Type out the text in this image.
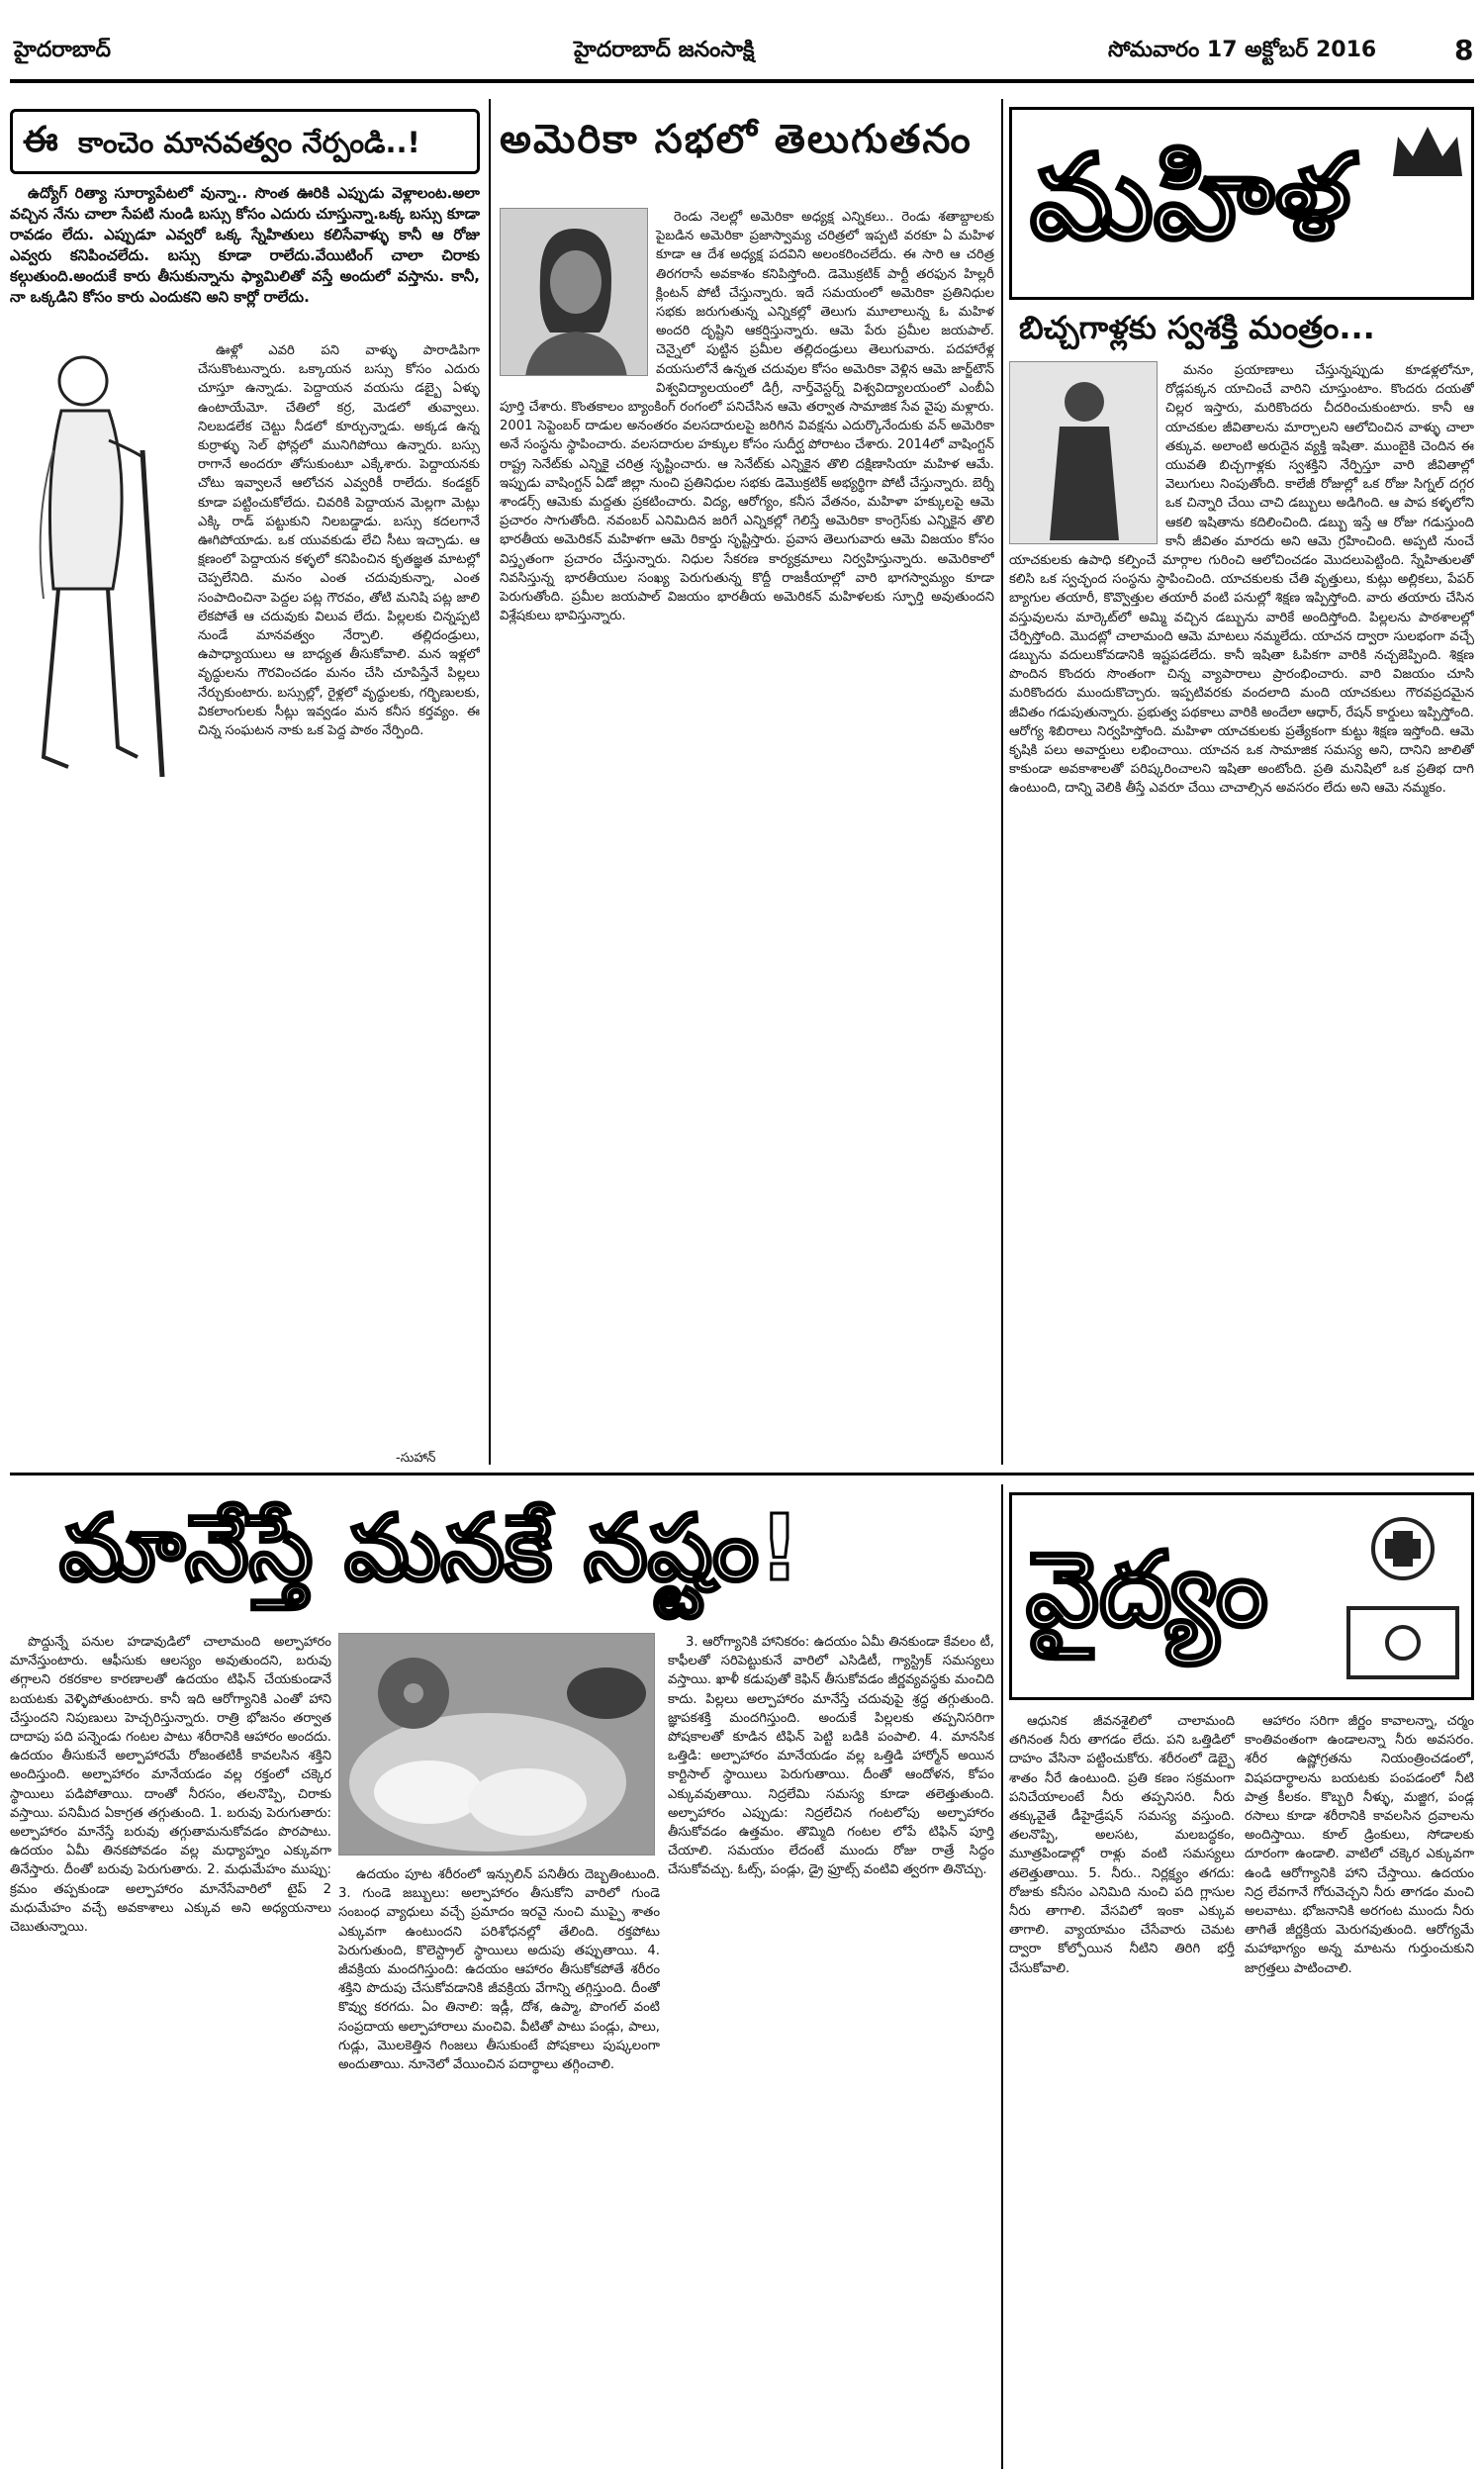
హైదరాబాద్	హైదరాబాద్ జనంసాక్షి	సోమవారం 17 అక్టోబర్ 2016	8
ఈ కాంచెం మానవత్వం నేర్పండి..!

ఉద్యోగ్ రిత్యా సూర్యాపేటలో వున్నా.. సొంత ఊరికి ఎప్పుడు వెళ్లాలంట.అలా వచ్చిన నేను చాలా సేపటి నుండి బస్సు కోసం ఎదురు చూస్తున్నా.ఒక్క బస్సు కూడా రావడం లేదు. ఎప్పుడూ ఎవ్వరో ఒక్క స్నేహితులు కలిసేవాళ్ళు కానీ ఆ రోజు ఎవ్వరు కనిపించలేదు. బస్సు కూడా రాలేదు.వేయిటింగ్ చాలా చిరాకు కల్గుతుంది.అందుకే కారు తీసుకున్నాను ఫ్యామిలితో వస్తే అందులో వస్తాను. కానీ, నా ఒక్కడిని కోసం కారు ఎందుకని అని కార్లో రాలేదు.

ఊళ్లో ఎవరి పని వాళ్ళు పారాడిపిగా చేసుకొంటున్నారు. ఒక్కాయన బస్సు కోసం ఎదురు చూస్తూ ఉన్నాడు. పెద్దాయన వయసు డబ్బై ఏళ్ళు ఉంటాయేమో. చేతిలో కర్ర, మెడలో తువ్వాలు. నిలబడలేక చెట్టు నీడలో కూర్చున్నాడు. అక్కడ ఉన్న కుర్రాళ్ళు సెల్ ఫోన్లలో మునిగిపోయి ఉన్నారు. బస్సు రాగానే అందరూ తోసుకుంటూ ఎక్కేశారు. పెద్దాయనకు చోటు ఇవ్వాలనే ఆలోచన ఎవ్వరికీ రాలేదు. కండక్టర్ కూడా పట్టించుకోలేదు. చివరికి పెద్దాయన మెల్లగా మెట్లు ఎక్కి రాడ్ పట్టుకుని నిలబడ్డాడు. బస్సు కదలగానే ఊగిపోయాడు. ఒక యువకుడు లేచి సీటు ఇచ్చాడు. ఆ క్షణంలో పెద్దాయన కళ్ళలో కనిపించిన కృతజ్ఞత మాటల్లో చెప్పలేనిది. మనం ఎంత చదువుకున్నా, ఎంత సంపాదించినా పెద్దల పట్ల గౌరవం, తోటి మనిషి పట్ల జాలి లేకపోతే ఆ చదువుకు విలువ లేదు. పిల్లలకు చిన్నప్పటి నుండే మానవత్వం నేర్పాలి. తల్లిదండ్రులు, ఉపాధ్యాయులు ఆ బాధ్యత తీసుకోవాలి. మన ఇళ్లలో వృద్ధులను గౌరవించడం మనం చేసి చూపిస్తేనే పిల్లలు నేర్చుకుంటారు. బస్సుల్లో, రైళ్లలో వృద్ధులకు, గర్భిణులకు, వికలాంగులకు సీట్లు ఇవ్వడం మన కనీస కర్తవ్యం. ఈ చిన్న సంఘటన నాకు ఒక పెద్ద పాఠం నేర్పింది.

-సుహాన్
అమెరికా సభలో తెలుగుతనం

రెండు నెలల్లో అమెరికా అధ్యక్ష ఎన్నికలు.. రెండు శతాబ్దాలకు పైబడిన అమెరికా ప్రజాస్వామ్య చరిత్రలో ఇప్పటి వరకూ ఏ మహిళ కూడా ఆ దేశ అధ్యక్ష పదవిని అలంకరించలేదు. ఈ సారి ఆ చరిత్ర తిరగరాసే అవకాశం కనిపిస్తోంది. డెమొక్రటిక్ పార్టీ తరఫున హిల్లరీ క్లింటన్ పోటీ చేస్తున్నారు. ఇదే సమయంలో అమెరికా ప్రతినిధుల సభకు జరుగుతున్న ఎన్నికల్లో తెలుగు మూలాలున్న ఓ మహిళ అందరి దృష్టిని ఆకర్షిస్తున్నారు. ఆమె పేరు ప్రమీల జయపాల్. చెన్నైలో పుట్టిన ప్రమీల తల్లిదండ్రులు తెలుగువారు. పదహారేళ్ల వయసులోనే ఉన్నత చదువుల కోసం అమెరికా వెళ్లిన ఆమె జార్జ్‌టౌన్ విశ్వవిద్యాలయంలో డిగ్రీ, నార్త్‌వెస్టర్న్ విశ్వవిద్యాలయంలో ఎంబీఏ పూర్తి చేశారు. కొంతకాలం బ్యాంకింగ్ రంగంలో పనిచేసిన ఆమె తర్వాత సామాజిక సేవ వైపు మళ్లారు. 2001 సెప్టెంబర్ దాడుల అనంతరం వలసదారులపై జరిగిన వివక్షను ఎదుర్కొనేందుకు వన్ అమెరికా అనే సంస్థను స్థాపించారు. వలసదారుల హక్కుల కోసం సుదీర్ఘ పోరాటం చేశారు. 2014లో వాషింగ్టన్ రాష్ట్ర సెనేట్‌కు ఎన్నికై చరిత్ర సృష్టించారు. ఆ సెనేట్‌కు ఎన్నికైన తొలి దక్షిణాసియా మహిళ ఆమే. ఇప్పుడు వాషింగ్టన్ ఏడో జిల్లా నుంచి ప్రతినిధుల సభకు డెమొక్రటిక్ అభ్యర్థిగా పోటీ చేస్తున్నారు. బెర్నీ శాండర్స్ ఆమెకు మద్దతు ప్రకటించారు. విద్య, ఆరోగ్యం, కనీస వేతనం, మహిళా హక్కులపై ఆమె ప్రచారం సాగుతోంది. నవంబర్ ఎనిమిదిన జరిగే ఎన్నికల్లో గెలిస్తే అమెరికా కాంగ్రెస్‌కు ఎన్నికైన తొలి భారతీయ అమెరికన్ మహిళగా ఆమె రికార్డు సృష్టిస్తారు. ప్రవాస తెలుగువారు ఆమె విజయం కోసం విస్తృతంగా ప్రచారం చేస్తున్నారు. నిధుల సేకరణ కార్యక్రమాలు నిర్వహిస్తున్నారు. అమెరికాలో నివసిస్తున్న భారతీయుల సంఖ్య పెరుగుతున్న కొద్దీ రాజకీయాల్లో వారి భాగస్వామ్యం కూడా పెరుగుతోంది. ప్రమీల జయపాల్ విజయం భారతీయ అమెరికన్ మహిళలకు స్ఫూర్తి అవుతుందని విశ్లేషకులు భావిస్తున్నారు.

మహిళ
బిచ్చగాళ్లకు స్వశక్తి మంత్రం...

మనం ప్రయాణాలు చేస్తున్నప్పుడు కూడళ్లలోనూ, రోడ్లపక్కన యాచించే వారిని చూస్తుంటాం. కొందరు దయతో చిల్లర ఇస్తారు, మరికొందరు చీదరించుకుంటారు. కానీ ఆ యాచకుల జీవితాలను మార్చాలని ఆలోచించిన వాళ్ళు చాలా తక్కువ. అలాంటి అరుదైన వ్యక్తి ఇషితా. ముంబైకి చెందిన ఈ యువతి బిచ్చగాళ్లకు స్వశక్తిని నేర్పిస్తూ వారి జీవితాల్లో వెలుగులు నింపుతోంది. కాలేజీ రోజుల్లో ఒక రోజు సిగ్నల్ దగ్గర ఒక చిన్నారి చేయి చాచి డబ్బులు అడిగింది. ఆ పాప కళ్ళలోని ఆకలి ఇషితాను కదిలించింది. డబ్బు ఇస్తే ఆ రోజు గడుస్తుంది కానీ జీవితం మారదు అని ఆమె గ్రహించింది. అప్పటి నుంచే యాచకులకు ఉపాధి కల్పించే మార్గాల గురించి ఆలోచించడం మొదలుపెట్టింది. స్నేహితులతో కలిసి ఒక స్వచ్ఛంద సంస్థను స్థాపించింది. యాచకులకు చేతి వృత్తులు, కుట్లు అల్లికలు, పేపర్ బ్యాగుల తయారీ, కొవ్వొత్తుల తయారీ వంటి పనుల్లో శిక్షణ ఇప్పిస్తోంది. వారు తయారు చేసిన వస్తువులను మార్కెట్‌లో అమ్మి వచ్చిన డబ్బును వారికే అందిస్తోంది. పిల్లలను పాఠశాలల్లో చేర్పిస్తోంది. మొదట్లో చాలామంది ఆమె మాటలు నమ్మలేదు. యాచన ద్వారా సులభంగా వచ్చే డబ్బును వదులుకోవడానికి ఇష్టపడలేదు. కానీ ఇషితా ఓపికగా వారికి నచ్చజెప్పింది. శిక్షణ పొందిన కొందరు సొంతంగా చిన్న వ్యాపారాలు ప్రారంభించారు. వారి విజయం చూసి మరికొందరు ముందుకొచ్చారు. ఇప్పటివరకు వందలాది మంది యాచకులు గౌరవప్రదమైన జీవితం గడుపుతున్నారు. ప్రభుత్వ పథకాలు వారికి అందేలా ఆధార్, రేషన్ కార్డులు ఇప్పిస్తోంది. ఆరోగ్య శిబిరాలు నిర్వహిస్తోంది. మహిళా యాచకులకు ప్రత్యేకంగా కుట్టు శిక్షణ ఇస్తోంది. ఆమె కృషికి పలు అవార్డులు లభించాయి. యాచన ఒక సామాజిక సమస్య అని, దానిని జాలితో కాకుండా అవకాశాలతో పరిష్కరించాలని ఇషితా అంటోంది. ప్రతి మనిషిలో ఒక ప్రతిభ దాగి ఉంటుంది, దాన్ని వెలికి తీస్తే ఎవరూ చేయి చాచాల్సిన అవసరం లేదు అని ఆమె నమ్మకం.

మానేస్తే మనకే నష్టం!

పొద్దున్నే పనుల హడావుడిలో చాలామంది అల్పాహారం మానేస్తుంటారు. ఆఫీసుకు ఆలస్యం అవుతుందని, బరువు తగ్గాలని రకరకాల కారణాలతో ఉదయం టిఫిన్ చేయకుండానే బయటకు వెళ్ళిపోతుంటారు. కానీ ఇది ఆరోగ్యానికి ఎంతో హాని చేస్తుందని నిపుణులు హెచ్చరిస్తున్నారు. రాత్రి భోజనం తర్వాత దాదాపు పది పన్నెండు గంటల పాటు శరీరానికి ఆహారం అందదు. ఉదయం తీసుకునే అల్పాహారమే రోజంతటికీ కావలసిన శక్తిని అందిస్తుంది. అల్పాహారం మానేయడం వల్ల రక్తంలో చక్కెర స్థాయిలు పడిపోతాయి. దాంతో నీరసం, తలనొప్పి, చిరాకు వస్తాయి. పనిమీద ఏకాగ్రత తగ్గుతుంది. 1. బరువు పెరుగుతారు: అల్పాహారం మానేస్తే బరువు తగ్గుతామనుకోవడం పొరపాటు. ఉదయం ఏమీ తినకపోవడం వల్ల మధ్యాహ్నం ఎక్కువగా తినేస్తారు. దీంతో బరువు పెరుగుతారు. 2. మధుమేహం ముప్పు: క్రమం తప్పకుండా అల్పాహారం మానేసేవారిలో టైప్ 2 మధుమేహం వచ్చే అవకాశాలు ఎక్కువ అని అధ్యయనాలు చెబుతున్నాయి.

ఉదయం పూట శరీరంలో ఇన్సులిన్ పనితీరు దెబ్బతింటుంది. 3. గుండె జబ్బులు: అల్పాహారం తీసుకోని వారిలో గుండె సంబంధ వ్యాధులు వచ్చే ప్రమాదం ఇరవై నుంచి ముప్పై శాతం ఎక్కువగా ఉంటుందని పరిశోధనల్లో తేలింది. రక్తపోటు పెరుగుతుంది, కొలెస్ట్రాల్ స్థాయిలు అదుపు తప్పుతాయి. 4. జీవక్రియ మందగిస్తుంది: ఉదయం ఆహారం తీసుకోకపోతే శరీరం శక్తిని పొదుపు చేసుకోవడానికి జీవక్రియ వేగాన్ని తగ్గిస్తుంది. దీంతో కొవ్వు కరగదు. ఏం తినాలి: ఇడ్లీ, దోశ, ఉప్మా, పొంగల్ వంటి సంప్రదాయ అల్పాహారాలు మంచివి. వీటితో పాటు పండ్లు, పాలు, గుడ్లు, మొలకెత్తిన గింజలు తీసుకుంటే పోషకాలు పుష్కలంగా అందుతాయి. నూనెలో వేయించిన పదార్థాలు తగ్గించాలి.

3. ఆరోగ్యానికి హానికరం: ఉదయం ఏమీ తినకుండా కేవలం టీ, కాఫీలతో సరిపెట్టుకునే వారిలో ఎసిడిటీ, గ్యాస్ట్రిక్ సమస్యలు వస్తాయి. ఖాళీ కడుపుతో కెఫిన్ తీసుకోవడం జీర్ణవ్యవస్థకు మంచిది కాదు. పిల్లలు అల్పాహారం మానేస్తే చదువుపై శ్రద్ధ తగ్గుతుంది. జ్ఞాపకశక్తి మందగిస్తుంది. అందుకే పిల్లలకు తప్పనిసరిగా పోషకాలతో కూడిన టిఫిన్ పెట్టి బడికి పంపాలి. 4. మానసిక ఒత్తిడి: అల్పాహారం మానేయడం వల్ల ఒత్తిడి హార్మోన్ అయిన కార్టిసాల్ స్థాయిలు పెరుగుతాయి. దీంతో ఆందోళన, కోపం ఎక్కువవుతాయి. నిద్రలేమి సమస్య కూడా తలెత్తుతుంది. అల్పాహారం ఎప్పుడు: నిద్రలేచిన గంటలోపు అల్పాహారం తీసుకోవడం ఉత్తమం. తొమ్మిది గంటల లోపే టిఫిన్ పూర్తి చేయాలి. సమయం లేదంటే ముందు రోజు రాత్రే సిద్ధం చేసుకోవచ్చు. ఓట్స్, పండ్లు, డ్రై ఫ్రూట్స్ వంటివి త్వరగా తినొచ్చు.

వైద్యం

ఆధునిక జీవనశైలిలో చాలామంది తగినంత నీరు తాగడం లేదు. పని ఒత్తిడిలో దాహం వేసినా పట్టించుకోరు. శరీరంలో డెబ్బై శాతం నీరే ఉంటుంది. ప్రతి కణం సక్రమంగా పనిచేయాలంటే నీరు తప్పనిసరి. నీరు తక్కువైతే డీహైడ్రేషన్ సమస్య వస్తుంది. తలనొప్పి, అలసట, మలబద్ధకం, మూత్రపిండాల్లో రాళ్లు వంటి సమస్యలు తలెత్తుతాయి. 5. నీరు.. నిర్లక్ష్యం తగదు: రోజుకు కనీసం ఎనిమిది నుంచి పది గ్లాసుల నీరు తాగాలి. వేసవిలో ఇంకా ఎక్కువ తాగాలి. వ్యాయామం చేసేవారు చెమట ద్వారా కోల్పోయిన నీటిని తిరిగి భర్తీ చేసుకోవాలి.

ఆహారం సరిగా జీర్ణం కావాలన్నా, చర్మం కాంతివంతంగా ఉండాలన్నా నీరు అవసరం. శరీర ఉష్ణోగ్రతను నియంత్రించడంలో, విషపదార్థాలను బయటకు పంపడంలో నీటి పాత్ర కీలకం. కొబ్బరి నీళ్ళు, మజ్జిగ, పండ్ల రసాలు కూడా శరీరానికి కావలసిన ద్రవాలను అందిస్తాయి. కూల్ డ్రింకులు, సోడాలకు దూరంగా ఉండాలి. వాటిలో చక్కెర ఎక్కువగా ఉండి ఆరోగ్యానికి హాని చేస్తాయి. ఉదయం నిద్ర లేవగానే గోరువెచ్చని నీరు తాగడం మంచి అలవాటు. భోజనానికి అరగంట ముందు నీరు తాగితే జీర్ణక్రియ మెరుగవుతుంది. ఆరోగ్యమే మహాభాగ్యం అన్న మాటను గుర్తుంచుకుని జాగ్రత్తలు పాటించాలి.
